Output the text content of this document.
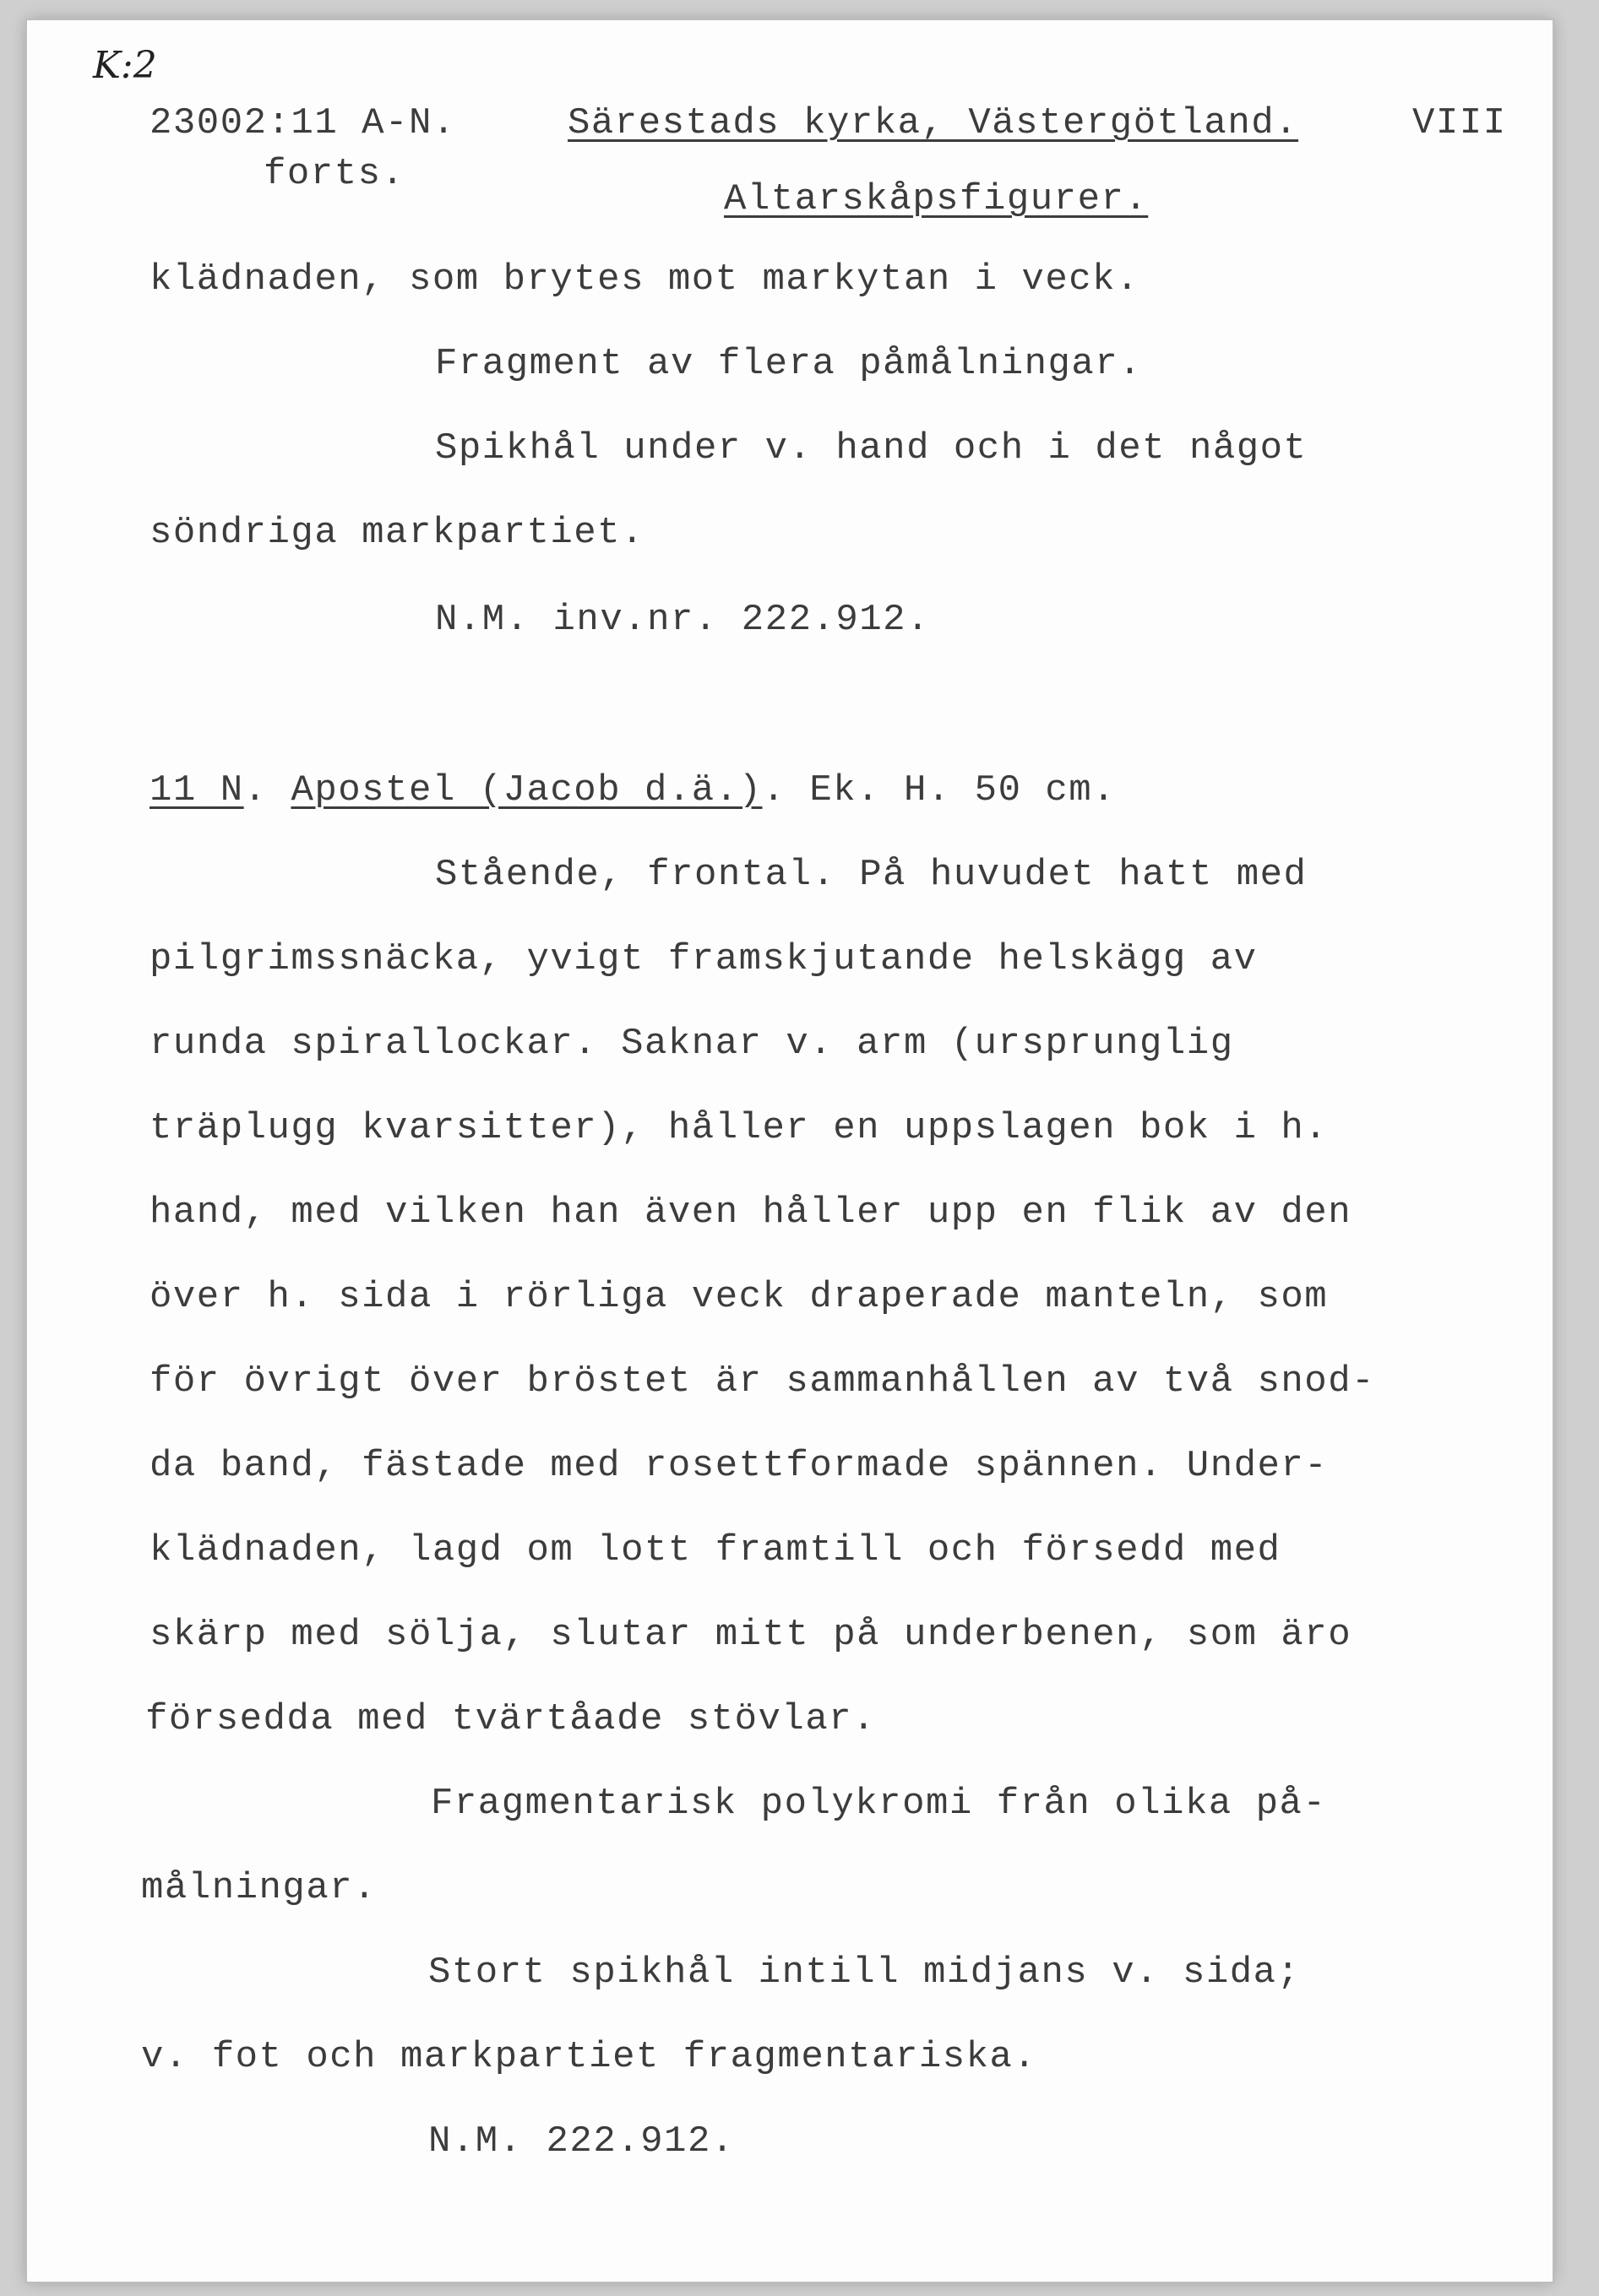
K:2
23002:11 A-N.
forts.
Särestads kyrka, Västergötland.	VIII
Altarskåpsfigurer.
klädnaden, som brytes mot markytan i veck.
Fragment av flera påmålningar.
Spikhål under v. hand och i det något
söndriga markpartiet.
N.M. inv.nr. 222.912.
11 N. Apostel (Jacob d.ä.). Ek. H. 50 cm.
Stående, frontal. På huvudet hatt med
pilgrimssnäcka, yvigt framskjutande helskägg av
runda spirallockar. Saknar v. arm (ursprunglig
träplugg kvarsitter), håller en uppslagen bok i h.
hand, med vilken han även håller upp en flik av den
över h. sida i rörliga veck draperade manteln, som
för övrigt över bröstet är sammanhållen av två snod-
da band, fästade med rosettformade spännen. Under-
klädnaden, lagd om lott framtill och försedd med
skärp med sölja, slutar mitt på underbenen, som äro
försedda med tvärtåade stövlar.
Fragmentarisk polykromi från olika på-
målningar.
Stort spikhål intill midjans v. sida;
v. fot och markpartiet fragmentariska.
N.M. 222.912.
